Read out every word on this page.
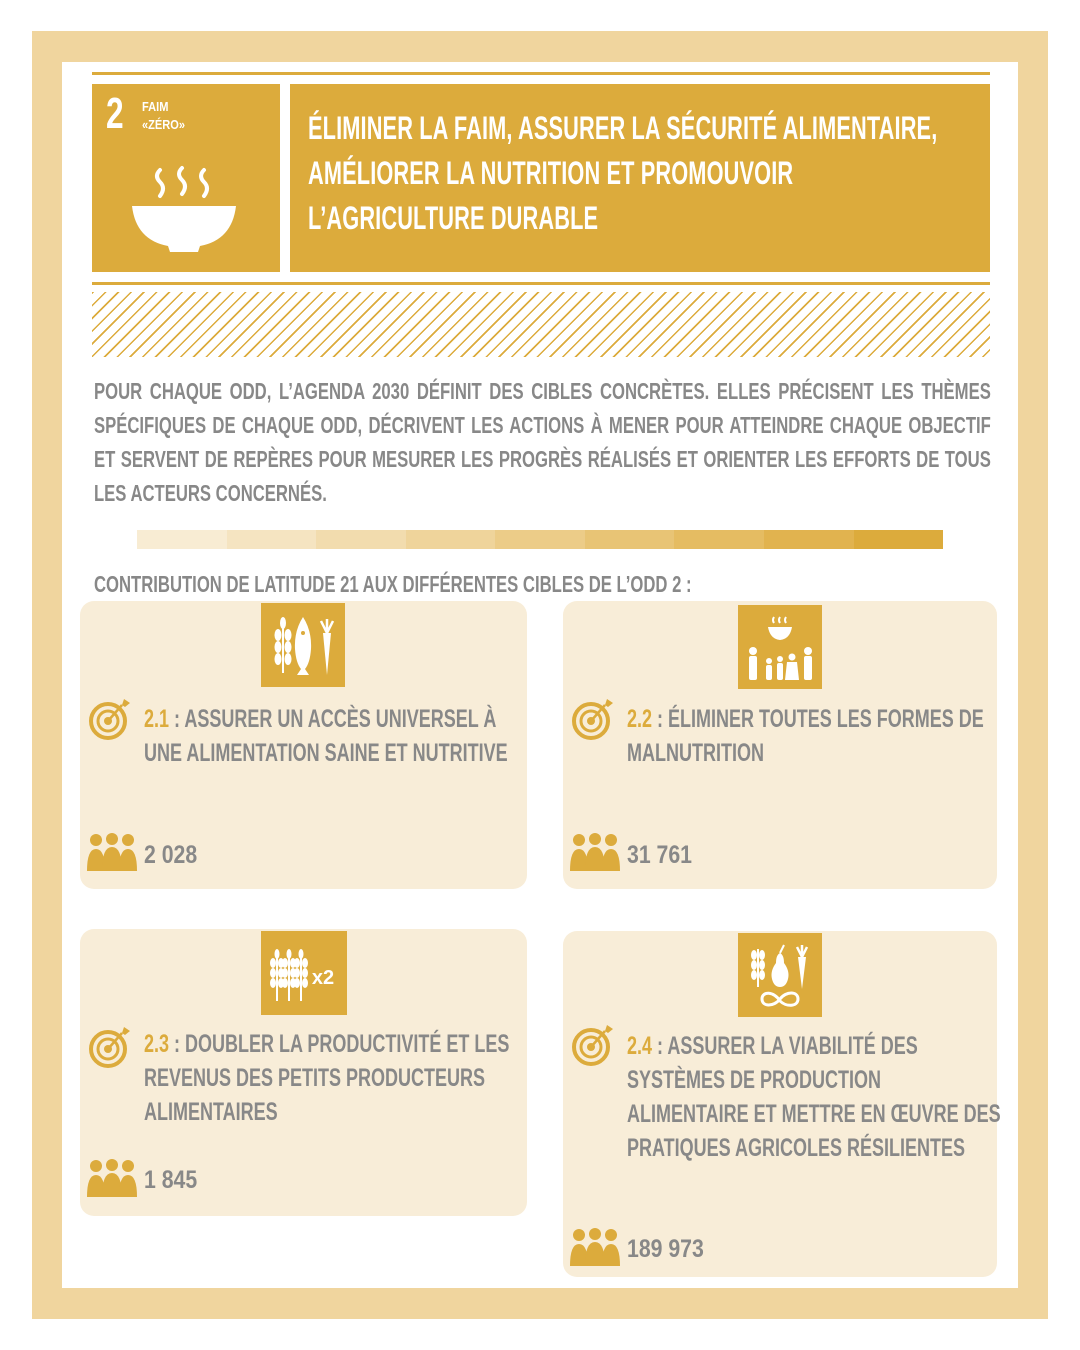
2 FAIM
«ZÉRO»	ÉLIMINER LA FAIM, ASSURER LA SÉCURITÉ ALIMENTAIRE,
AMÉLIORER LA NUTRITION ET PROMOUVOIR
L’AGRICULTURE DURABLE
POUR CHAQUE ODD, L’AGENDA 2030 DÉFINIT DES CIBLES CONCRÈTES. ELLES PRÉCISENT LES THÈMES SPÉCIFIQUES DE CHAQUE ODD, DÉCRIVENT LES ACTIONS À MENER POUR ATTEINDRE CHAQUE OBJECTIF ET SERVENT DE REPÈRES POUR MESURER LES PROGRÈS RÉALISÉS ET ORIENTER LES EFFORTS DE TOUS LES ACTEURS CONCERNÉS.
CONTRIBUTION DE LATITUDE 21 AUX DIFFÉRENTES CIBLES DE L’ODD 2 :
2.1 : ASSURER UN ACCÈS UNIVERSEL À UNE ALIMENTATION SAINE ET NUTRITIVE
2 028
2.2 : ÉLIMINER TOUTES LES FORMES DE MALNUTRITION
31 761
x2
2.3 : DOUBLER LA PRODUCTIVITÉ ET LES REVENUS DES PETITS PRODUCTEURS ALIMENTAIRES
1 845
2.4 : ASSURER LA VIABILITÉ DES SYSTÈMES DE PRODUCTION ALIMENTAIRE ET METTRE EN ŒUVRE DES PRATIQUES AGRICOLES RÉSILIENTES
189 973
